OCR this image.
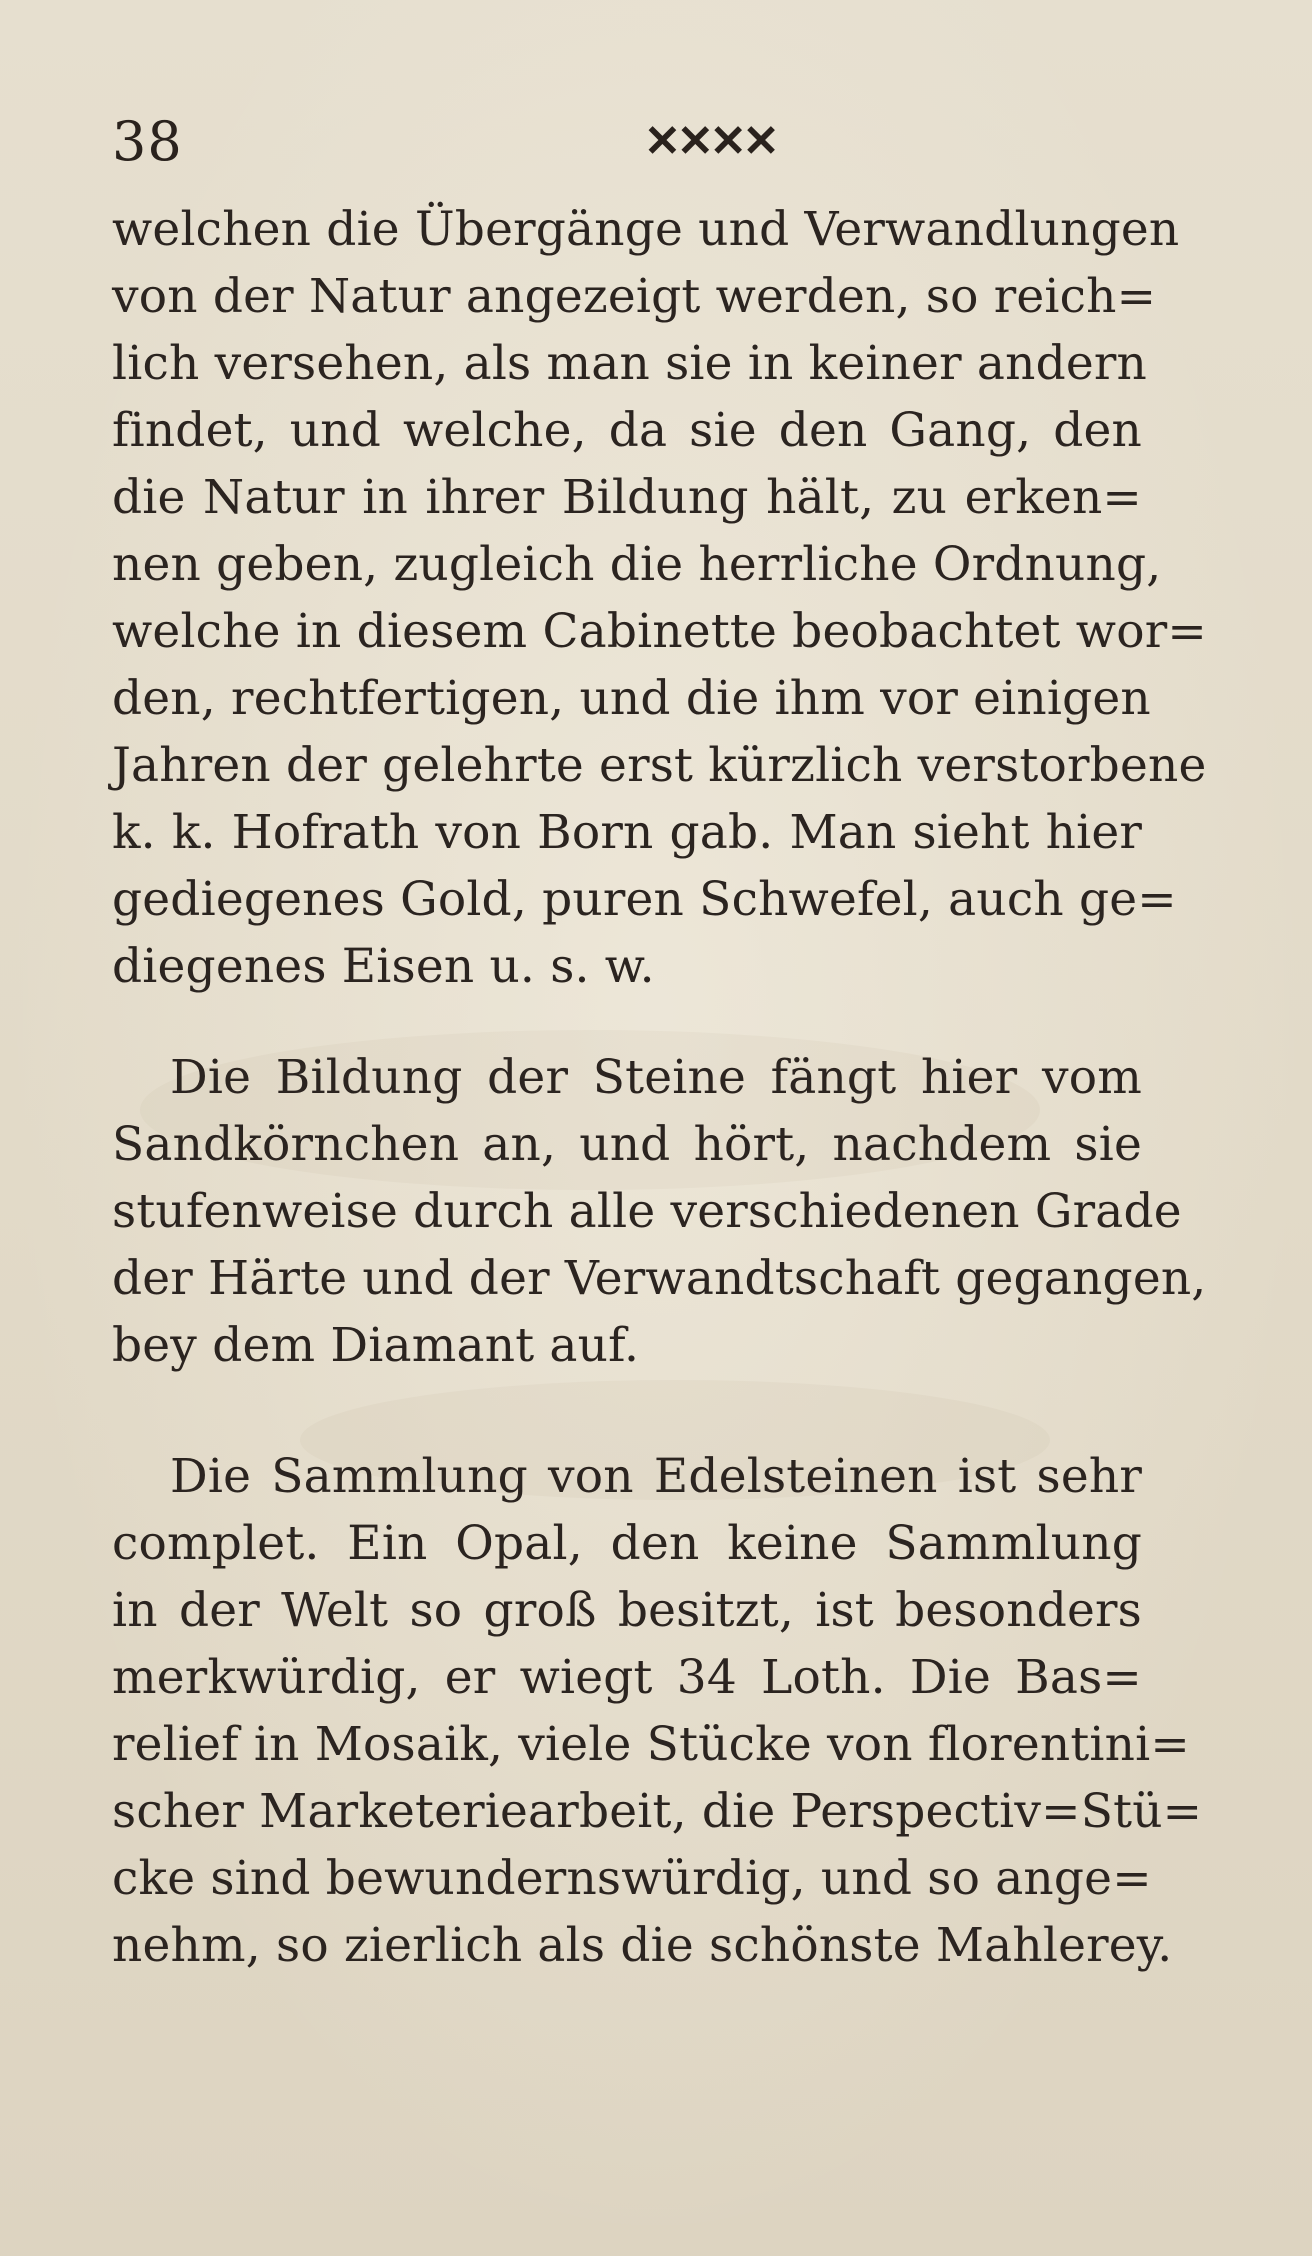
38	✕✕✕✕
welchen die Übergänge und Verwandlungen
von der Natur angezeigt werden, so reich=
lich versehen, als man sie in keiner andern
findet, und welche, da sie den Gang, den
die Natur in ihrer Bildung hält, zu erken=
nen geben, zugleich die herrliche Ordnung,
welche in diesem Cabinette beobachtet wor=
den, rechtfertigen, und die ihm vor einigen
Jahren der gelehrte erst kürzlich verstorbene
k. k. Hofrath von Born gab. Man sieht hier
gediegenes Gold, puren Schwefel, auch ge=
diegenes Eisen u. s. w.
Die Bildung der Steine fängt hier vom
Sandkörnchen an, und hört, nachdem sie
stufenweise durch alle verschiedenen Grade
der Härte und der Verwandtschaft gegangen,
bey dem Diamant auf.
Die Sammlung von Edelsteinen ist sehr
complet. Ein Opal, den keine Sammlung
in der Welt so groß besitzt, ist besonders
merkwürdig, er wiegt 34 Loth. Die Bas=
relief in Mosaik, viele Stücke von florentini=
scher Marketeriearbeit, die Perspectiv=Stü=
cke sind bewundernswürdig, und so ange=
nehm, so zierlich als die schönste Mahlerey.
